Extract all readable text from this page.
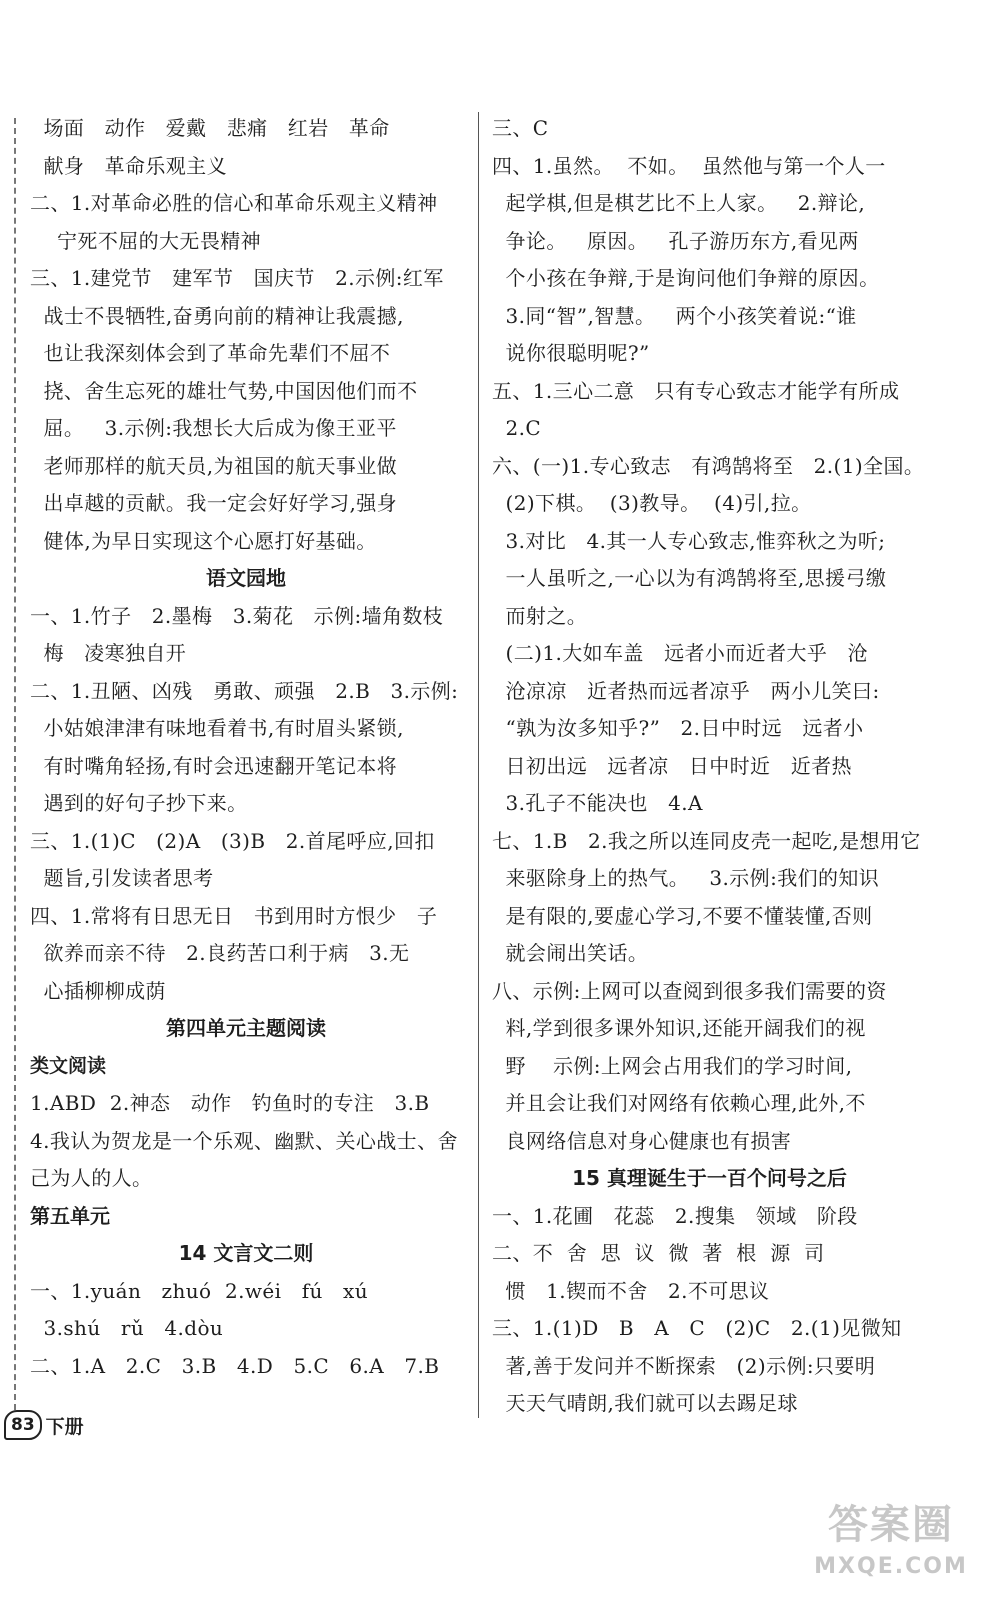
场面   动作   爱戴   悲痛   红岩   革命
献身   革命乐观主义
二、1.对革命必胜的信心和革命乐观主义精神
宁死不屈的大无畏精神
三、1.建党节   建军节   国庆节   2.示例:红军
战士不畏牺牲,奋勇向前的精神让我震撼,
也让我深刻体会到了革命先辈们不屈不
挠、舍生忘死的雄壮气势,中国因他们而不
屈。   3.示例:我想长大后成为像王亚平
老师那样的航天员,为祖国的航天事业做
出卓越的贡献。我一定会好好学习,强身
健体,为早日实现这个心愿打好基础。
语文园地
一、1.竹子   2.墨梅   3.菊花   示例:墙角数枝
梅   凌寒独自开
二、1.丑陋、凶残   勇敢、顽强   2.B   3.示例:
小姑娘津津有味地看着书,有时眉头紧锁,
有时嘴角轻扬,有时会迅速翻开笔记本将
遇到的好句子抄下来。
三、1.(1)C   (2)A   (3)B   2.首尾呼应,回扣
题旨,引发读者思考
四、1.常将有日思无日   书到用时方恨少   子
欲养而亲不待   2.良药苦口利于病   3.无
心插柳柳成荫
第四单元主题阅读
类文阅读
1.ABD  2.神态   动作   钓鱼时的专注   3.B
4.我认为贺龙是一个乐观、幽默、关心战士、舍
己为人的人。
第五单元
14 文言文二则
一、1.yuán   zhuó  2.wéi   fú   xú
3.shú   rǔ   4.dòu
二、1.A   2.C   3.B   4.D   5.C   6.A   7.B
三、C
四、1.虽然。  不如。  虽然他与第一个人一
起学棋,但是棋艺比不上人家。   2.辩论,
争论。   原因。   孔子游历东方,看见两
个小孩在争辩,于是询问他们争辩的原因。
3.同“智”,智慧。   两个小孩笑着说:“谁
说你很聪明呢?”
五、1.三心二意   只有专心致志才能学有所成
2.C
六、(一)1.专心致志   有鸿鹄将至   2.(1)全国。
(2)下棋。  (3)教导。  (4)引,拉。
3.对比   4.其一人专心致志,惟弈秋之为听;
一人虽听之,一心以为有鸿鹄将至,思援弓缴
而射之。
(二)1.大如车盖   远者小而近者大乎   沧
沧凉凉   近者热而远者凉乎   两小儿笑曰:
“孰为汝多知乎?”   2.日中时远   远者小
日初出远   远者凉   日中时近   近者热
3.孔子不能决也   4.A
七、1.B   2.我之所以连同皮壳一起吃,是想用它
来驱除身上的热气。   3.示例:我们的知识
是有限的,要虚心学习,不要不懂装懂,否则
就会闹出笑话。
八、示例:上网可以查阅到很多我们需要的资
料,学到很多课外知识,还能开阔我们的视
野    示例:上网会占用我们的学习时间,
并且会让我们对网络有依赖心理,此外,不
良网络信息对身心健康也有损害
15 真理诞生于一百个问号之后
一、1.花圃   花蕊   2.搜集   领域   阶段
二、不  舍  思  议  微  著  根  源  司
惯   1.锲而不舍   2.不可思议
三、1.(1)D   B   A   C   (2)C   2.(1)见微知
著,善于发问并不断探索   (2)示例:只要明
天天气晴朗,我们就可以去踢足球
83 下册
答案圈
MXQE.COM
